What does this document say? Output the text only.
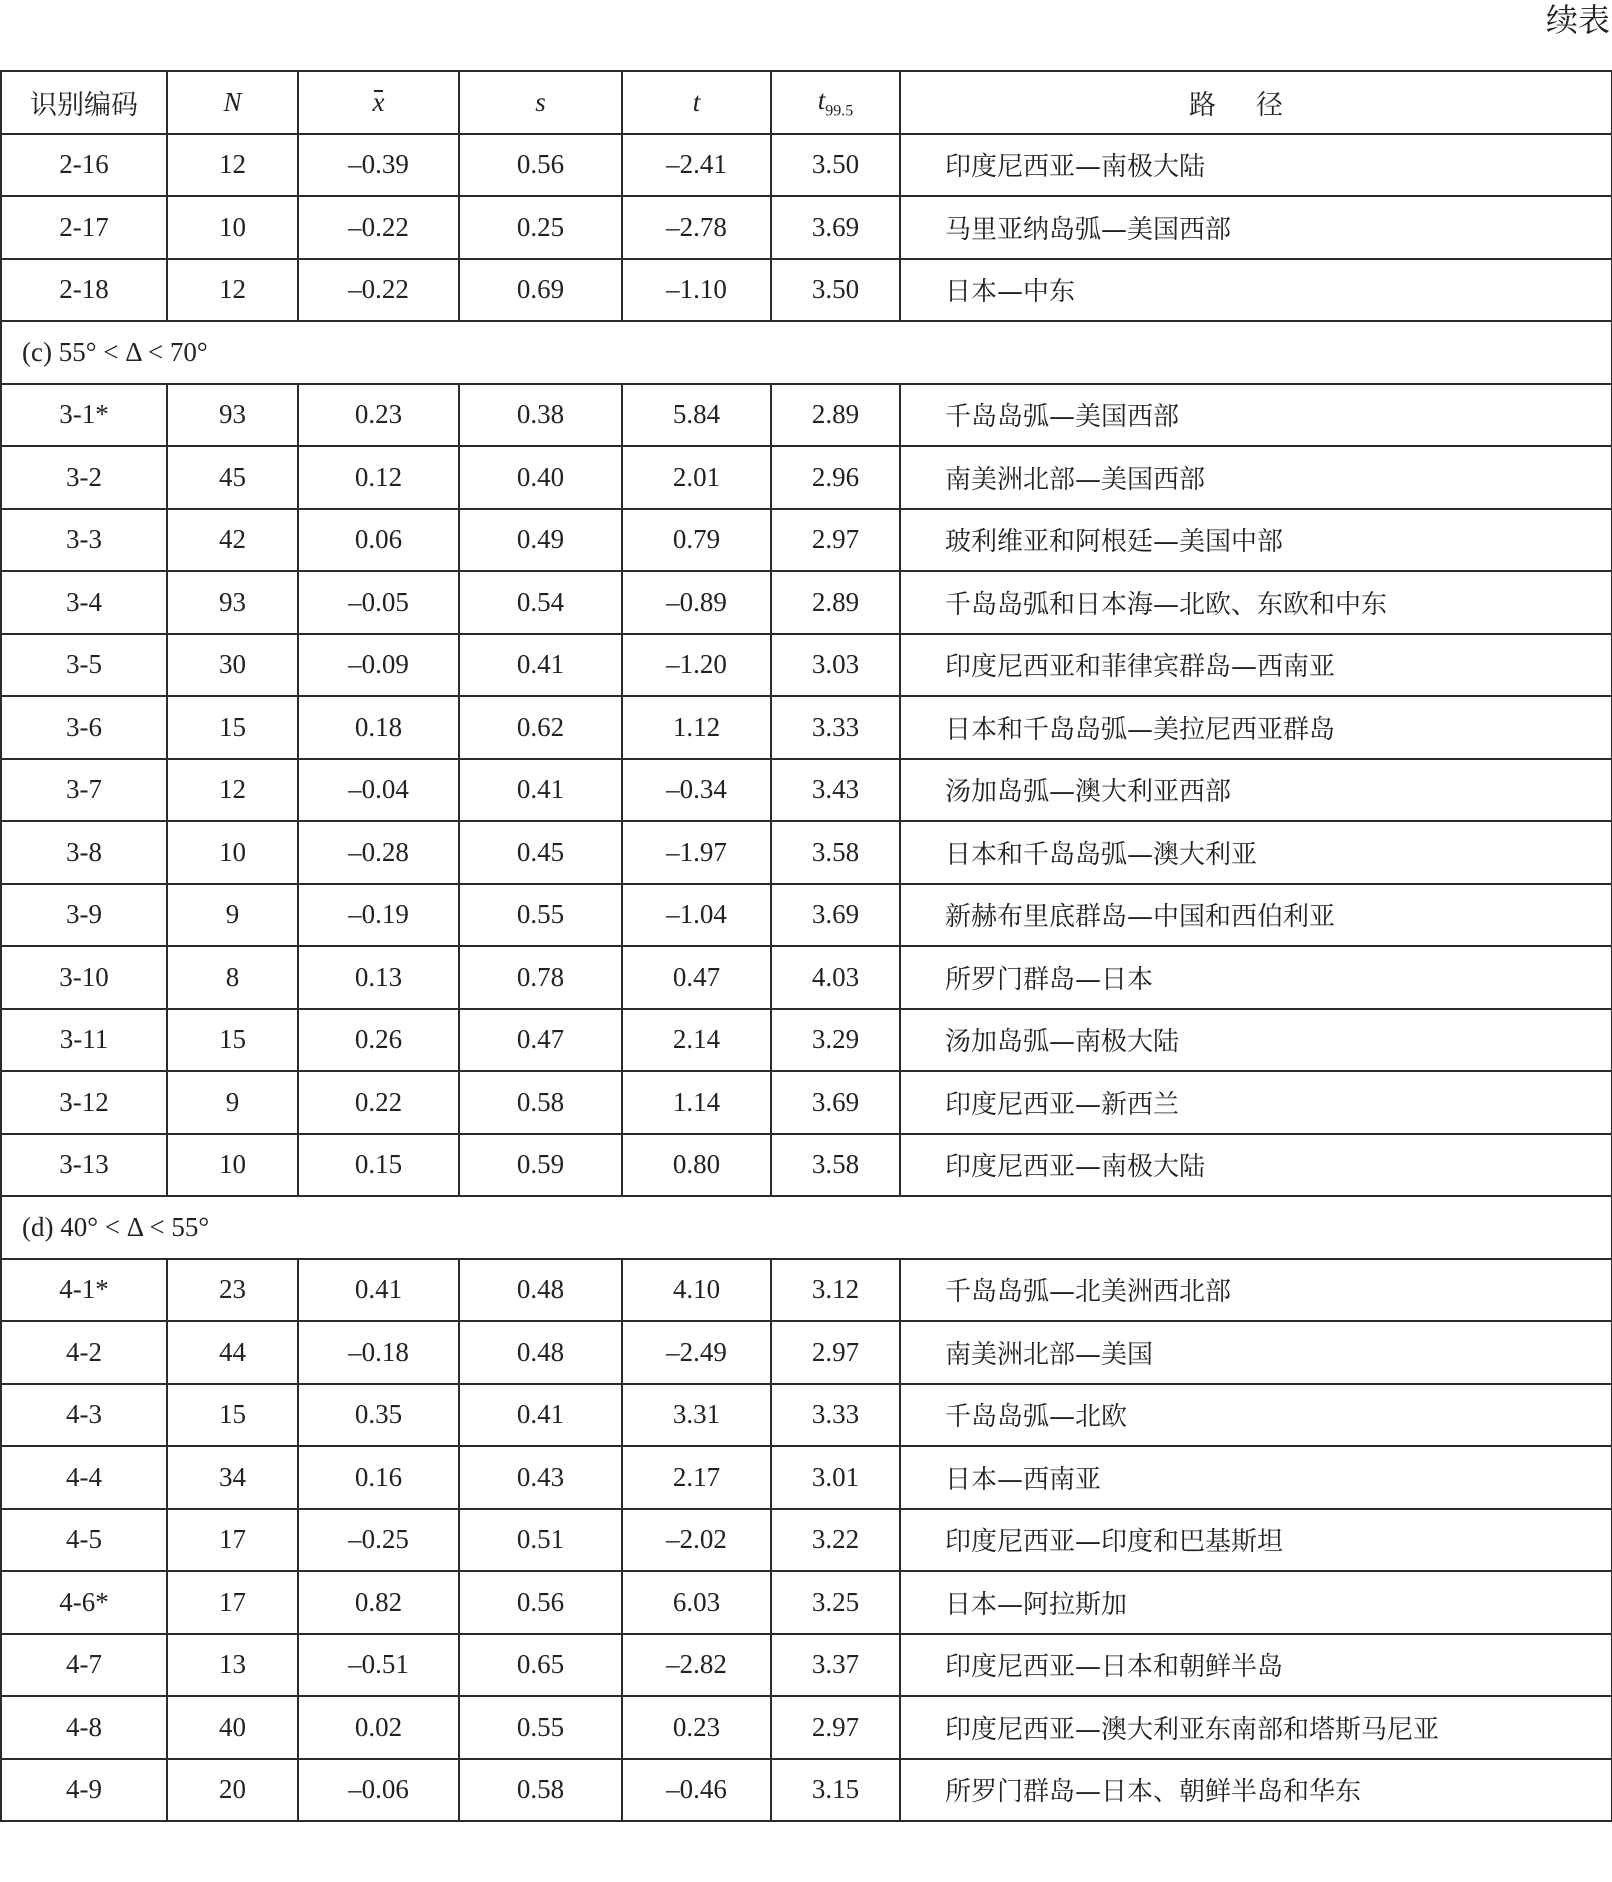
续表
识别编码	N	x	s	t	$t_{99.5}$	路径
2-16	12	–0.39	0.56	–2.41	3.50	印度尼西亚—南极大陆
2-17	10	–0.22	0.25	–2.78	3.69	马里亚纳岛弧—美国西部
2-18	12	–0.22	0.69	–1.10	3.50	日本—中东
(c) 55° < Δ < 70°						
3-1*	93	0.23	0.38	5.84	2.89	千岛岛弧—美国西部
3-2	45	0.12	0.40	2.01	2.96	南美洲北部—美国西部
3-3	42	0.06	0.49	0.79	2.97	玻利维亚和阿根廷—美国中部
3-4	93	–0.05	0.54	–0.89	2.89	千岛岛弧和日本海—北欧、东欧和中东
3-5	30	–0.09	0.41	–1.20	3.03	印度尼西亚和菲律宾群岛—西南亚
3-6	15	0.18	0.62	1.12	3.33	日本和千岛岛弧—美拉尼西亚群岛
3-7	12	–0.04	0.41	–0.34	3.43	汤加岛弧—澳大利亚西部
3-8	10	–0.28	0.45	–1.97	3.58	日本和千岛岛弧—澳大利亚
3-9	9	–0.19	0.55	–1.04	3.69	新赫布里底群岛—中国和西伯利亚
3-10	8	0.13	0.78	0.47	4.03	所罗门群岛—日本
3-11	15	0.26	0.47	2.14	3.29	汤加岛弧—南极大陆
3-12	9	0.22	0.58	1.14	3.69	印度尼西亚—新西兰
3-13	10	0.15	0.59	0.80	3.58	印度尼西亚—南极大陆
(d) 40° < Δ < 55°						
4-1*	23	0.41	0.48	4.10	3.12	千岛岛弧—北美洲西北部
4-2	44	–0.18	0.48	–2.49	2.97	南美洲北部—美国
4-3	15	0.35	0.41	3.31	3.33	千岛岛弧—北欧
4-4	34	0.16	0.43	2.17	3.01	日本—西南亚
4-5	17	–0.25	0.51	–2.02	3.22	印度尼西亚—印度和巴基斯坦
4-6*	17	0.82	0.56	6.03	3.25	日本—阿拉斯加
4-7	13	–0.51	0.65	–2.82	3.37	印度尼西亚—日本和朝鲜半岛
4-8	40	0.02	0.55	0.23	2.97	印度尼西亚—澳大利亚东南部和塔斯马尼亚
4-9	20	–0.06	0.58	–0.46	3.15	所罗门群岛—日本、朝鲜半岛和华东
